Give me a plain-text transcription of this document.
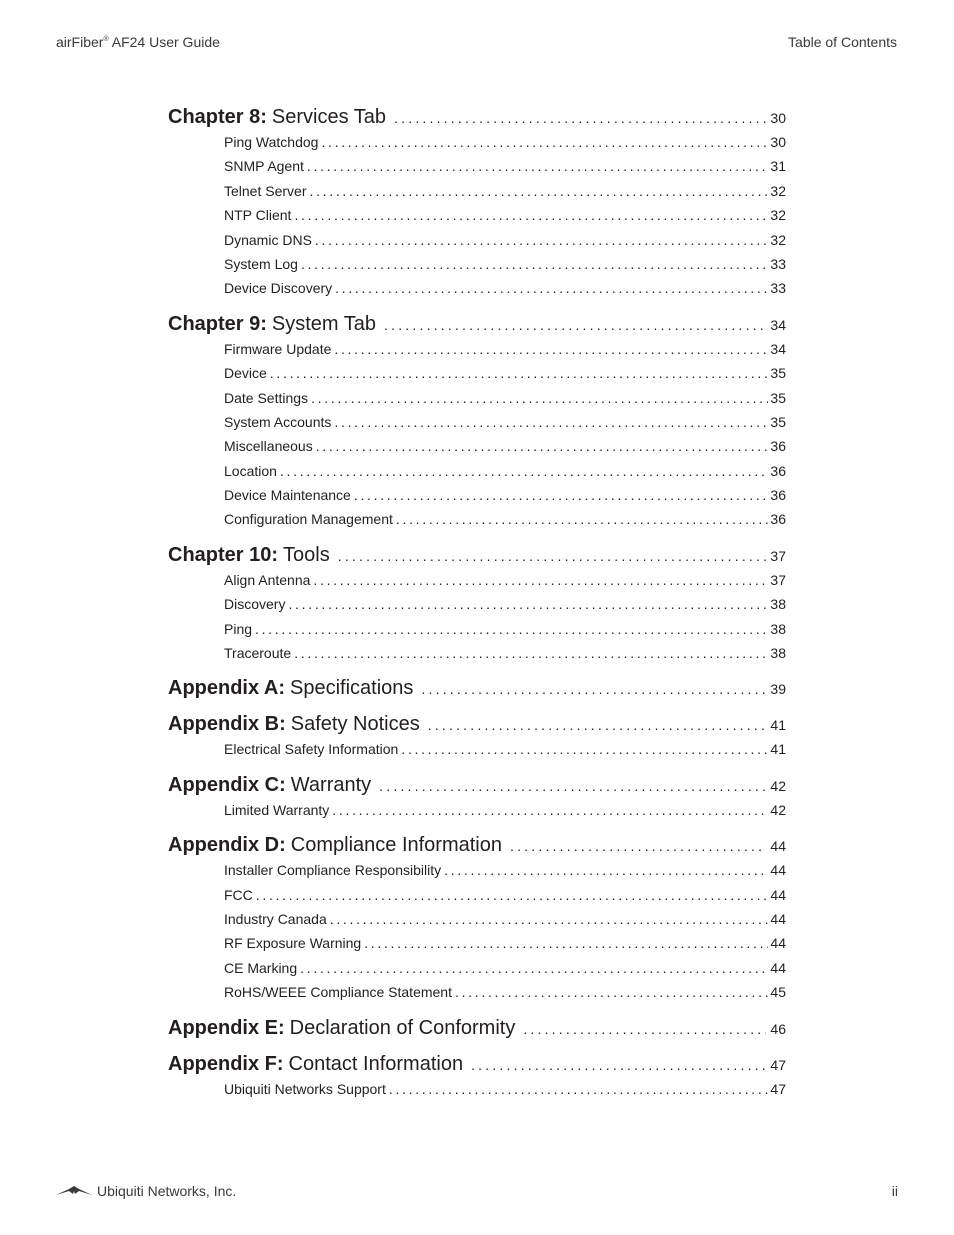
airFiber® AF24 User Guide	Table of Contents
Chapter 8: Services Tab .....	30
Ping Watchdog .....	30
SNMP Agent .....	31
Telnet Server .....	32
NTP Client .....	32
Dynamic DNS .....	32
System Log .....	33
Device Discovery .....	33
Chapter 9: System Tab .....	34
Firmware Update .....	34
Device .....	35
Date Settings .....	35
System Accounts .....	35
Miscellaneous .....	36
Location .....	36
Device Maintenance .....	36
Configuration Management .....	36
Chapter 10: Tools .....	37
Align Antenna .....	37
Discovery .....	38
Ping .....	38
Traceroute .....	38
Appendix A: Specifications .....	39
Appendix B: Safety Notices .....	41
Electrical Safety Information .....	41
Appendix C: Warranty .....	42
Limited Warranty .....	42
Appendix D: Compliance Information .....	44
Installer Compliance Responsibility .....	44
FCC .....	44
Industry Canada .....	44
RF Exposure Warning .....	44
CE Marking .....	44
RoHS/WEEE Compliance Statement .....	45
Appendix E: Declaration of Conformity .....	46
Appendix F: Contact Information .....	47
Ubiquiti Networks Support .....	47
Ubiquiti Networks, Inc.	ii
